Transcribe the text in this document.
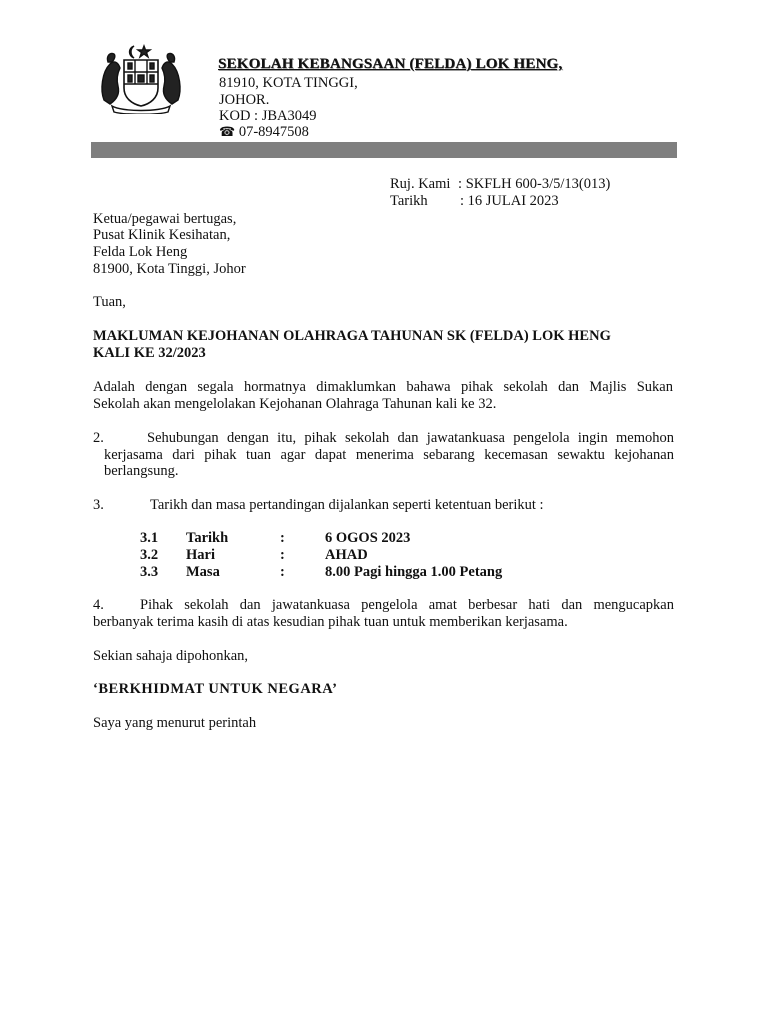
SEKOLAH KEBANGSAAN (FELDA) LOK HENG,
81910, KOTA TINGGI,
JOHOR.
KOD : JBA3049
☎ 07-8947508
Ruj. Kami : SKFLH 600-3/5/13(013)
Tarikh : 16 JULAI 2023
Ketua/pegawai bertugas,
Pusat Klinik Kesihatan,
Felda Lok Heng
81900, Kota Tinggi, Johor
Tuan,
MAKLUMAN KEJOHANAN OLAHRAGA TAHUNAN SK (FELDA) LOK HENG
KALI KE 32/2023
Adalah dengan segala hormatnya dimaklumkan bahawa pihak sekolah dan Majlis Sukan
Sekolah akan mengelolakan Kejohanan Olahraga Tahunan kali ke 32.
2.	Sehubungan dengan itu, pihak sekolah dan jawatankuasa pengelola ingin memohon
kerjasama dari pihak tuan agar dapat menerima sebarang kecemasan sewaktu kejohanan
berlangsung.
3.	Tarikh dan masa pertandingan dijalankan seperti ketentuan berikut :
3.1 Tarikh	:	6 OGOS 2023
3.2 Hari	:	AHAD
3.3 Masa	:	8.00 Pagi hingga 1.00 Petang
4. Pihak sekolah dan jawatankuasa pengelola amat berbesar hati dan mengucapkan
berbanyak terima kasih di atas kesudian pihak tuan untuk memberikan kerjasama.
Sekian sahaja dipohonkan,
‘BERKHIDMAT UNTUK NEGARA’
Saya yang menurut perintah
